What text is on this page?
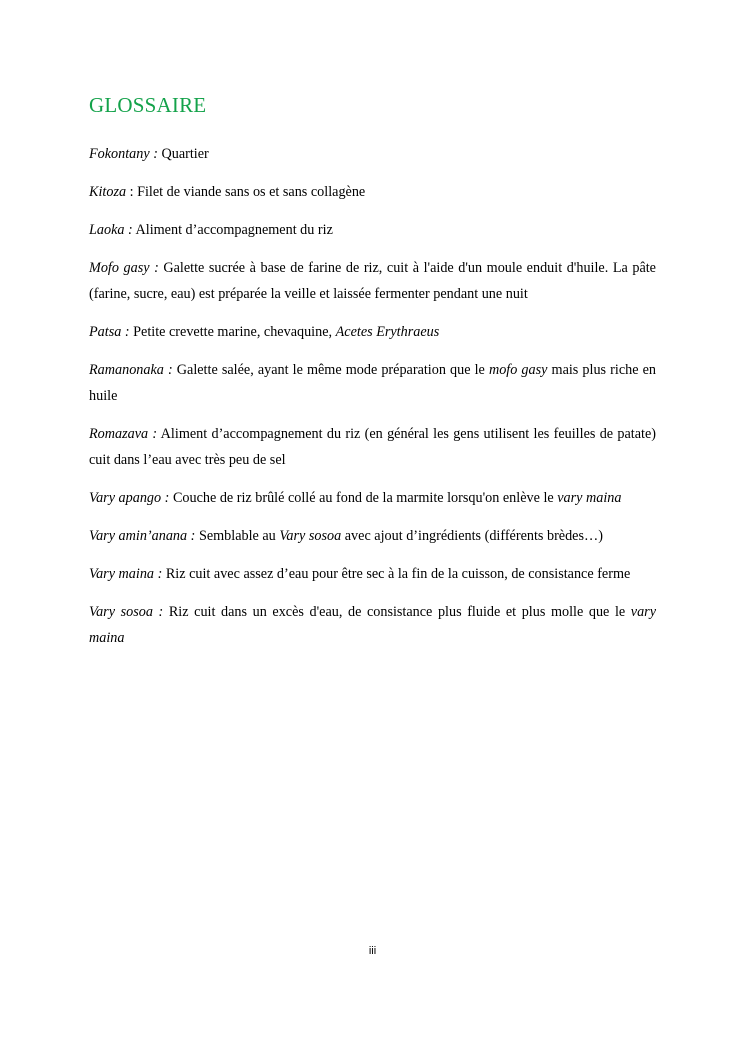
GLOSSAIRE

Fokontany : Quartier

Kitoza : Filet de viande sans os et sans collagène

Laoka : Aliment d’accompagnement du riz

Mofo gasy : Galette sucrée à base de farine de riz, cuit à l'aide d'un moule enduit d'huile. La pâte (farine, sucre, eau) est préparée la veille et laissée fermenter pendant une nuit

Patsa : Petite crevette marine, chevaquine, Acetes Erythraeus

Ramanonaka : Galette salée, ayant le même mode préparation que le mofo gasy mais plus riche en huile

Romazava : Aliment d’accompagnement du riz (en général les gens utilisent les feuilles de patate) cuit dans l’eau avec très peu de sel

Vary apango : Couche de riz brûlé collé au fond de la marmite lorsqu'on enlève le vary maina

Vary amin’anana : Semblable au Vary sosoa avec ajout d’ingrédients (différents brèdes…)

Vary maina : Riz cuit avec assez d’eau pour être sec à la fin de la cuisson, de consistance ferme

Vary sosoa : Riz cuit dans un excès d'eau, de consistance plus fluide et plus molle que le vary maina

iii
